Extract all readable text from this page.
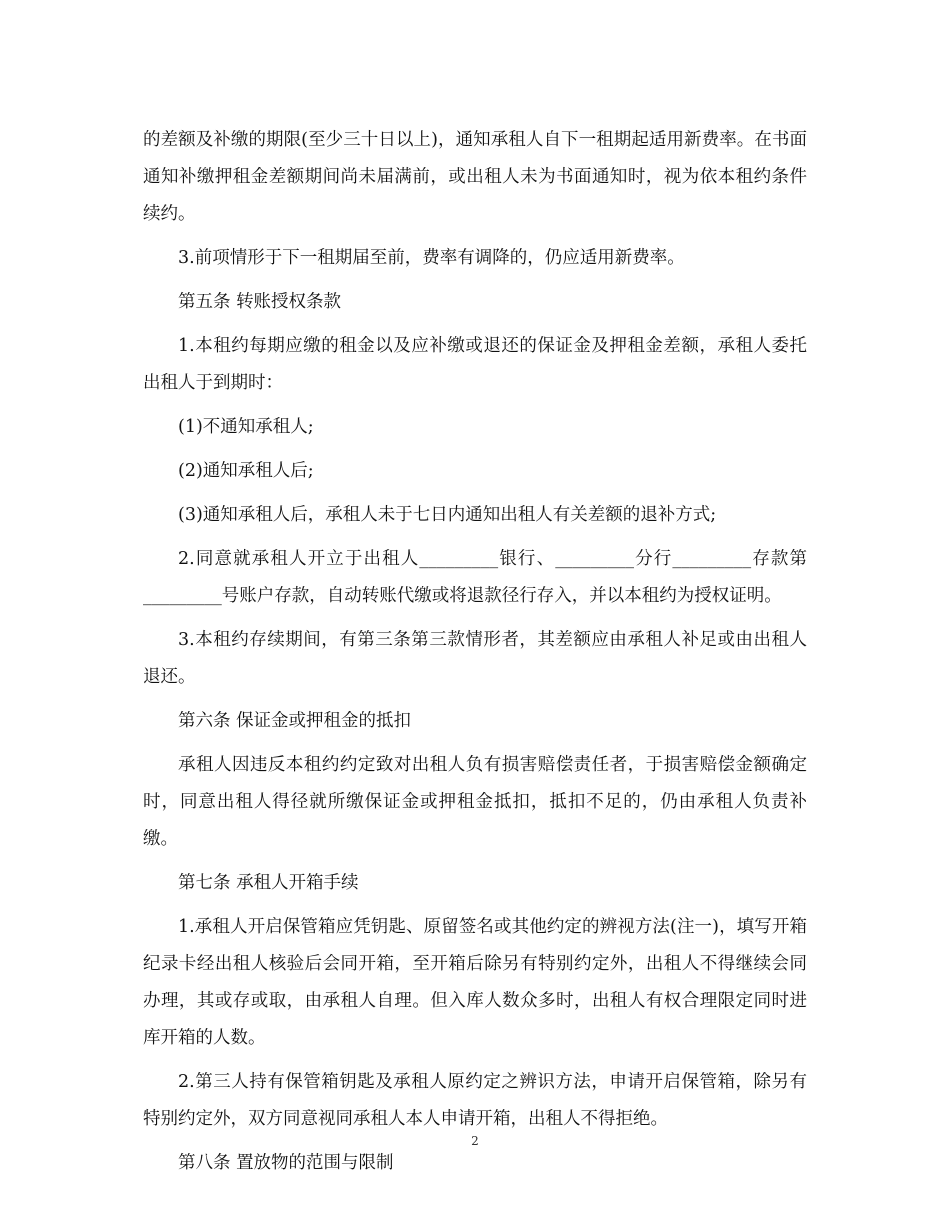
的差额及补缴的期限(至少三十日以上)，通知承租人自下一租期起适用新费率。在书面通知补缴押租金差额期间尚未届满前，或出租人未为书面通知时，视为依本租约条件续约。

3.前项情形于下一租期届至前，费率有调降的，仍应适用新费率。

第五条 转账授权条款

1.本租约每期应缴的租金以及应补缴或退还的保证金及押租金差额，承租人委托出租人于到期时：

(1)不通知承租人;

(2)通知承租人后;

(3)通知承租人后，承租人未于七日内通知出租人有关差额的退补方式;

2.同意就承租人开立于出租人_________银行、_________分行_________存款第_________号账户存款，自动转账代缴或将退款径行存入，并以本租约为授权证明。

3.本租约存续期间，有第三条第三款情形者，其差额应由承租人补足或由出租人退还。

第六条 保证金或押租金的抵扣

承租人因违反本租约约定致对出租人负有损害赔偿责任者，于损害赔偿金额确定时，同意出租人得径就所缴保证金或押租金抵扣，抵扣不足的，仍由承租人负责补缴。

第七条 承租人开箱手续

1.承租人开启保管箱应凭钥匙、原留签名或其他约定的辨视方法(注一)，填写开箱纪录卡经出租人核验后会同开箱，至开箱后除另有特别约定外，出租人不得继续会同办理，其或存或取，由承租人自理。但入库人数众多时，出租人有权合理限定同时进库开箱的人数。

2.第三人持有保管箱钥匙及承租人原约定之辨识方法，申请开启保管箱，除另有特别约定外，双方同意视同承租人本人申请开箱，出租人不得拒绝。

第八条 置放物的范围与限制

2
